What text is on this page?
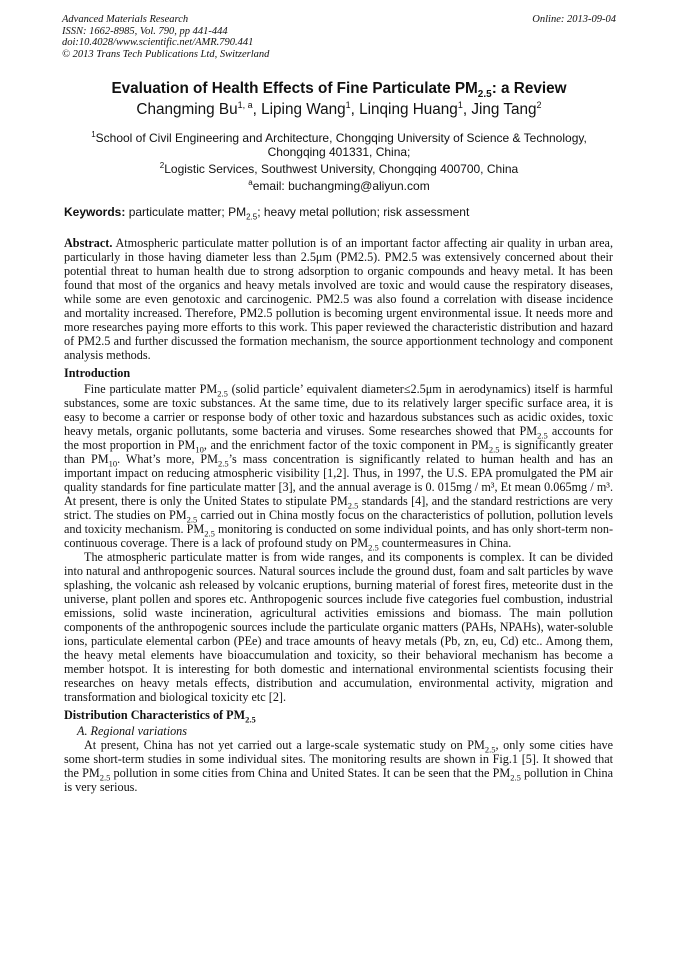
Advanced Materials Research
ISSN: 1662-8985, Vol. 790, pp 441-444
doi:10.4028/www.scientific.net/AMR.790.441
© 2013 Trans Tech Publications Ltd, Switzerland
Online: 2013-09-04
Evaluation of Health Effects of Fine Particulate $PM_{2.5}$: a Review
Changming Bu$^{1, a}$, Liping Wang$^1$, Linqing Huang$^1$, Jing Tang$^2$
$^1$School of Civil Engineering and Architecture, Chongqing University of Science & Technology,
Chongqing 401331, China;
$^2$Logistic Services, Southwest University, Chongqing 400700, China
$^a$email: buchangming@aliyun.com
Keywords: particulate matter; $PM_{2.5}$; heavy metal pollution; risk assessment

Abstract. Atmospheric particulate matter pollution is of an important factor affecting air quality in urban area, particularly in those having diameter less than 2.5μm (PM2.5). PM2.5 was extensively concerned about their potential threat to human health due to strong adsorption to organic compounds and heavy metal. It has been found that most of the organics and heavy metals involved are toxic and would cause the respiratory diseases, while some are even genotoxic and carcinogenic. PM2.5 was also found a correlation with disease incidence and mortality increased. Therefore, PM2.5 pollution is becoming urgent environmental issue. It needs more and more researches paying more efforts to this work. This paper reviewed the characteristic distribution and hazard of PM2.5 and further discussed the formation mechanism, the source apportionment technology and component analysis methods.

Introduction

Fine particulate matter $PM_{2.5}$ (solid particle’ equivalent diameter≤2.5μm in aerodynamics) itself is harmful substances, some are toxic substances. At the same time, due to its relatively larger specific surface area, it is easy to become a carrier or response body of other toxic and hazardous substances such as acidic oxides, toxic heavy metals, organic pollutants, some bacteria and viruses. Some researches showed that $PM_{2.5}$ accounts for the most proportion in $PM_{10}$, and the enrichment factor of the toxic component in $PM_{2.5}$ is significantly greater than $PM_{10}$. What’s more, $PM_{2.5}’s$ mass concentration is significantly related to human health and has an important impact on reducing atmospheric visibility [1,2]. Thus, in 1997, the U.S. EPA promulgated the PM air quality standards for fine particulate matter [3], and the annual average is 0. 015mg / m³, Et mean 0.065mg / m³. At present, there is only the United States to stipulate $PM_{2.5}$ standards [4], and the standard restrictions are very strict. The studies on $PM_{2.5}$ carried out in China mostly focus on the characteristics of pollution, pollution levels and toxicity mechanism. $PM_{2.5}$ monitoring is conducted on some individual points, and has only short-term non-continuous coverage. There is a lack of profound study on $PM_{2.5}$ countermeasures in China.

The atmospheric particulate matter is from wide ranges, and its components is complex. It can be divided into natural and anthropogenic sources. Natural sources include the ground dust, foam and salt particles by wave splashing, the volcanic ash released by volcanic eruptions, burning material of forest fires, meteorite dust in the universe, plant pollen and spores etc. Anthropogenic sources include five categories fuel combustion, industrial emissions, solid waste incineration, agricultural activities emissions and biomass. The main pollution components of the anthropogenic sources include the particulate organic matters (PAHs, NPAHs), water-soluble ions, particulate elemental carbon (PEe) and trace amounts of heavy metals (Pb, zn, eu, Cd) etc.. Among them, the heavy metal elements have bioaccumulation and toxicity, so their behavioral mechanism has become a member hotspot. It is interesting for both domestic and international environmental scientists focusing their researches on heavy metals effects, distribution and accumulation, environmental activity, migration and transformation and biological toxicity etc [2].

Distribution Characteristics of $PM_{2.5}$
A. Regional variations

At present, China has not yet carried out a large-scale systematic study on $PM_{2.5}$, only some cities have some short-term studies in some individual sites. The monitoring results are shown in Fig.1 [5]. It showed that the $PM_{2.5}$ pollution in some cities from China and United States. It can be seen that the $PM_{2.5}$ pollution in China is very serious.
